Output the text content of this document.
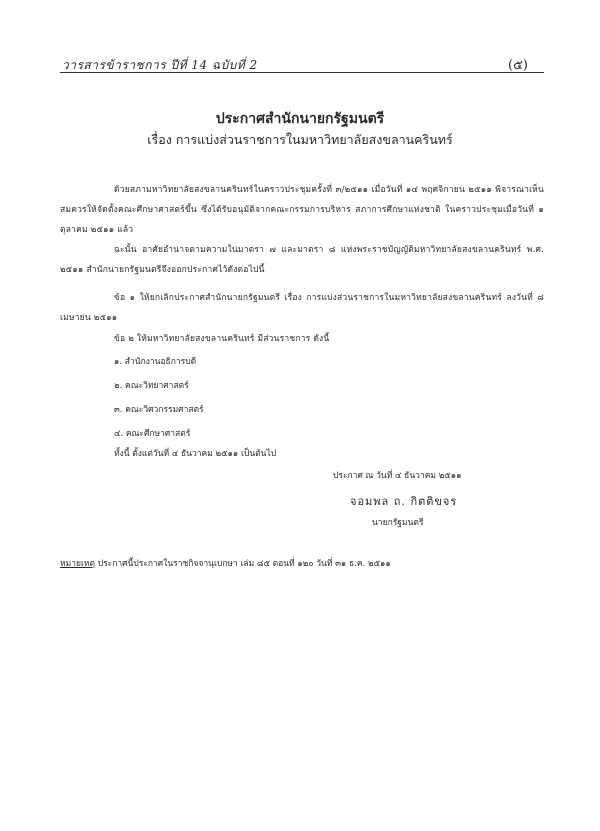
วารสารข้าราชการ ปีที่ 14 ฉบับที่ 2	(๕)
ประกาศสำนักนายกรัฐมนตรี
เรื่อง การแบ่งส่วนราชการในมหาวิทยาลัยสงขลานครินทร์
ด้วยสภามหาวิทยาลัยสงขลานครินทร์ในคราวประชุมครั้งที่ ๓/๒๕๑๑ เมื่อวันที่ ๑๔ พฤศจิกายน ๒๕๑๑ พิจารณาเห็นสมควรให้จัดตั้งคณะศึกษาศาสตร์ขึ้น ซึ่งได้รับอนุมัติจากคณะกรรมการบริหาร สภาการศึกษาแห่งชาติ ในคราวประชุมเมื่อวันที่ ๑ ตุลาคม ๒๕๑๑ แล้ว
ฉะนั้น อาศัยอำนาจตามความในมาตรา ๗ และมาตรา ๘ แห่งพระราชบัญญัติมหาวิทยาลัยสงขลานครินทร์ พ.ศ. ๒๕๑๑ สำนักนายกรัฐมนตรีจึงออกประกาศไว้ดังต่อไปนี้
ข้อ ๑ ให้ยกเลิกประกาศสำนักนายกรัฐมนตรี เรื่อง การแบ่งส่วนราชการในมหาวิทยาลัยสงขลานครินทร์ ลงวันที่ ๘ เมษายน ๒๕๑๑
ข้อ ๒ ให้มหาวิทยาลัยสงขลานครินทร์ มีส่วนราชการ ดังนี้
๑. สำนักงานอธิการบดี
๒. คณะวิทยาศาสตร์
๓. คณะวิศวกรรมศาสตร์
๔. คณะศึกษาศาสตร์
ทั้งนี้ ตั้งแต่วันที่ ๔ ธันวาคม ๒๕๑๑ เป็นต้นไป
ประกาศ ณ วันที่ ๔ ธันวาคม ๒๕๑๑
จอมพล ถ. กิตติขจร
นายกรัฐมนตรี
หมายเหตุ ประกาศนี้ประกาศในราชกิจจานุเบกษา เล่ม ๘๕ ตอนที่ ๑๒๐ วันที่ ๓๑ ธ.ค. ๒๕๑๑
